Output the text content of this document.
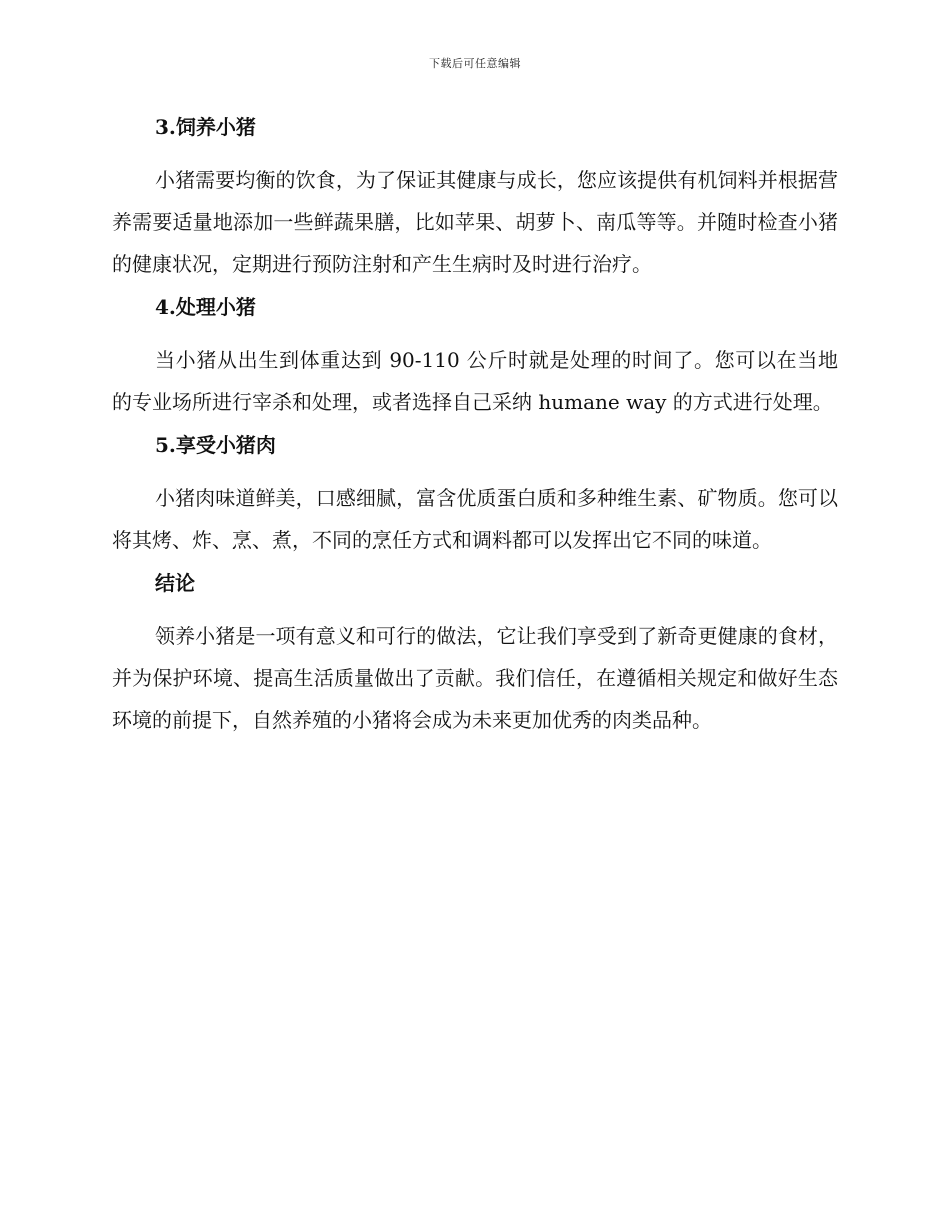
下载后可任意编辑
3.饲养小猪

小猪需要均衡的饮食，为了保证其健康与成长，您应该提供有机饲料并根据营养需要适量地添加一些鲜蔬果膳，比如苹果、胡萝卜、南瓜等等。并随时检查小猪的健康状况，定期进行预防注射和产生生病时及时进行治疗。

4.处理小猪

当小猪从出生到体重达到 90-110 公斤时就是处理的时间了。您可以在当地的专业场所进行宰杀和处理，或者选择自己采纳 humane way 的方式进行处理。

5.享受小猪肉

小猪肉味道鲜美，口感细腻，富含优质蛋白质和多种维生素、矿物质。您可以将其烤、炸、烹、煮，不同的烹任方式和调料都可以发挥出它不同的味道。

结论

领养小猪是一项有意义和可行的做法，它让我们享受到了新奇更健康的食材，并为保护环境、提高生活质量做出了贡献。我们信任，在遵循相关规定和做好生态环境的前提下，自然养殖的小猪将会成为未来更加优秀的肉类品种。
